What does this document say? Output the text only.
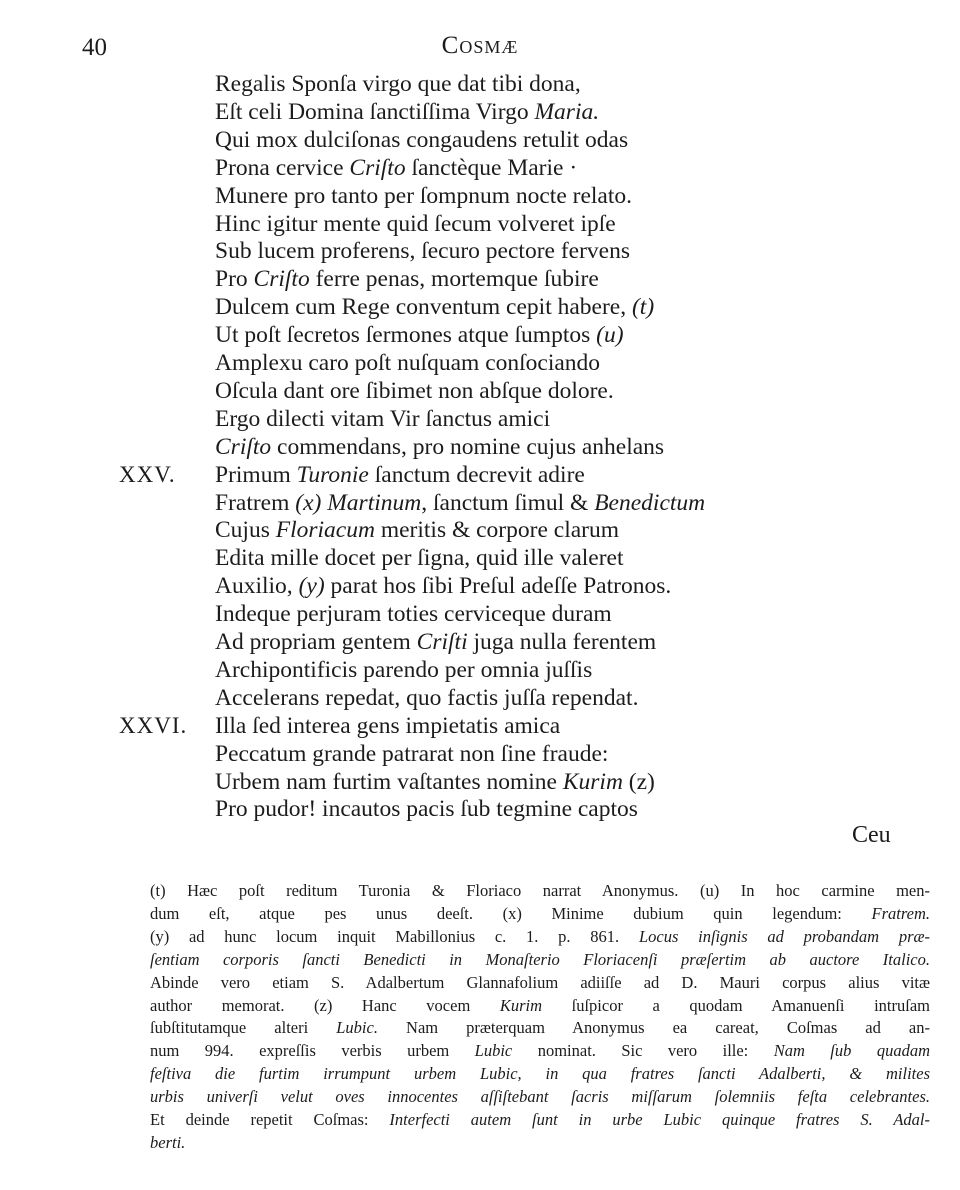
40	Cosmæ
Regalis Sponſa virgo que dat tibi dona,
Eſt celi Domina ſanctiſſima Virgo Maria.
Qui mox dulciſonas congaudens retulit odas
Prona cervice Criſto ſanctèque Marie ·
Munere pro tanto per ſompnum nocte relato.
Hinc igitur mente quid ſecum volveret ipſe
Sub lucem proferens, ſecuro pectore fervens
Pro Criſto ferre penas, mortemque ſubire
Dulcem cum Rege conventum cepit habere, (t)
Ut poſt ſecretos ſermones atque ſumptos (u)
Amplexu caro poſt nuſquam conſociando
Oſcula dant ore ſibimet non abſque dolore.
Ergo dilecti vitam Vir ſanctus amici
Criſto commendans, pro nomine cujus anhelans
XXV. Primum Turonie ſanctum decrevit adire
Fratrem (x) Martinum, ſanctum ſimul & Benedictum
Cujus Floriacum meritis & corpore clarum
Edita mille docet per ſigna, quid ille valeret
Auxilio, (y) parat hos ſibi Preſul adeſſe Patronos.
Indeque perjuram toties cerviceque duram
Ad propriam gentem Criſti juga nulla ferentem
Archipontificis parendo per omnia juſſis
Accelerans repedat, quo factis juſſa rependat.
XXVI. Illa ſed interea gens impietatis amica
Peccatum grande patrarat non ſine fraude:
Urbem nam furtim vaſtantes nomine Kurim (z)
Pro pudor! incautos pacis ſub tegmine captos
Ceu
(t) Hæc poſt reditum Turonia & Floriaco narrat Anonymus. (u) In hoc carmine men-
dum eſt, atque pes unus deeſt. (x) Minime dubium quin legendum: Fratrem.
(y) ad hunc locum inquit Mabillonius c. 1. p. 861. Locus inſignis ad probandam præ-
ſentiam corporis ſancti Benedicti in Monaſterio Floriacenſi præſertim ab auctore Italico.
Abinde vero etiam S. Adalbertum Glannafolium adiiſſe ad D. Mauri corpus alius vitæ
author memorat. (z) Hanc vocem Kurim ſuſpicor a quodam Amanuenſi intruſam
ſubſtitutamque alteri Lubic. Nam præterquam Anonymus ea careat, Coſmas ad an-
num 994. expreſſis verbis urbem Lubic nominat. Sic vero ille: Nam ſub quadam
feſtiva die furtim irrumpunt urbem Lubic, in qua fratres ſancti Adalberti, & milites
urbis univerſi velut oves innocentes aſſiſtebant ſacris miſſarum ſolemniis feſta celebrantes.
Et deinde repetit Coſmas: Interfecti autem ſunt in urbe Lubic quinque fratres S. Adal-
berti.
